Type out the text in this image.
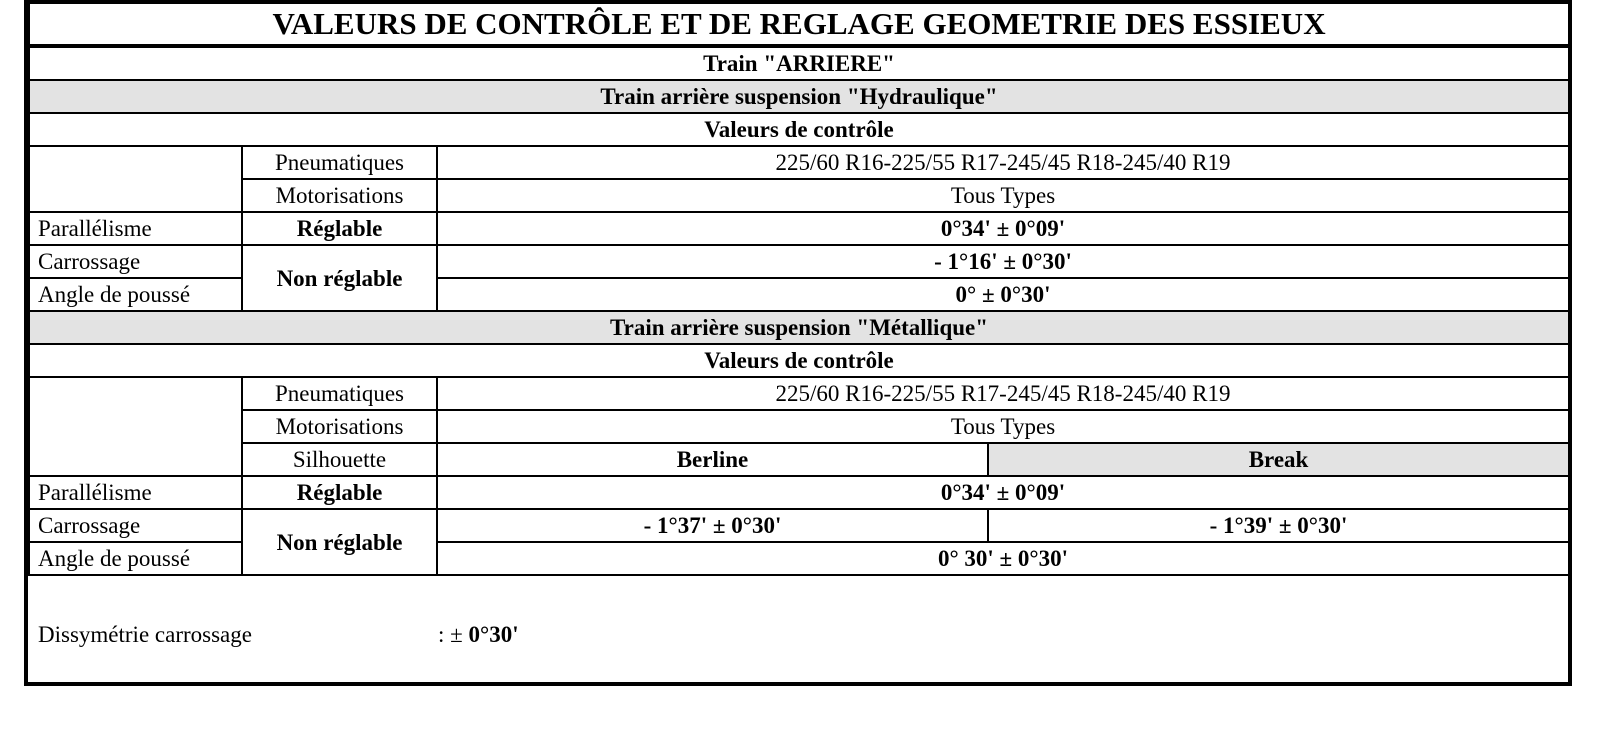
VALEURS DE CONTRÔLE ET DE REGLAGE GEOMETRIE DES ESSIEUX			
Train "ARRIERE"			
Train arrière suspension "Hydraulique"			
Valeurs de contrôle			
	Pneumatiques	225/60 R16-225/55 R17-245/45 R18-245/40 R19	
	Motorisations	Tous Types	
Parallélisme	Réglable	0°34' ± 0°09'	
Carrossage	Non réglable	- 1°16' ± 0°30'	
Angle de poussé		0° ± 0°30'	
Train arrière suspension "Métallique"			
Valeurs de contrôle			
	Pneumatiques	225/60 R16-225/55 R17-245/45 R18-245/40 R19	
	Motorisations	Tous Types	
	Silhouette	Berline	Break
Parallélisme	Réglable	0°34' ± 0°09'	
Carrossage	Non réglable	- 1°37' ± 0°30'	- 1°39' ± 0°30'
Angle de poussé		0° 30' ± 0°30'	
Dissymétrie carrossage	: ± 0°30'
